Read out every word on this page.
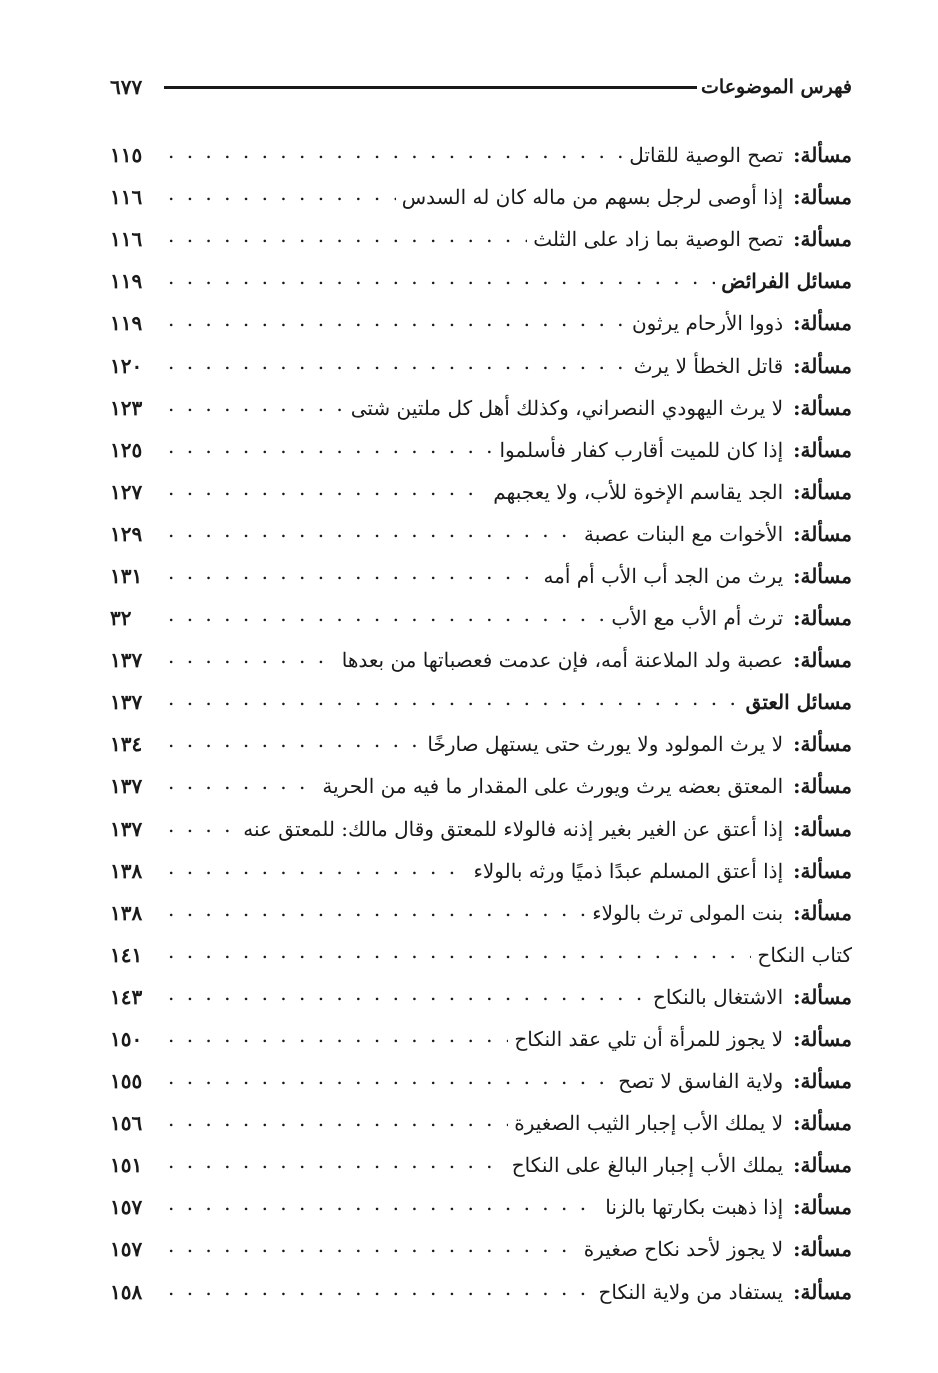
فهرس الموضوعات
٦٧٧
مسألة:
تصح الوصية للقاتل
. . .
١١٥
مسألة:
إذا أوصى لرجل بسهم من ماله كان له السدس
. . .
١١٦
مسألة:
تصح الوصية بما زاد على الثلث
. . .
١١٦
مسائل الفرائض
. . .
١١٩
مسألة:
ذووا الأرحام يرثون
. . .
١١٩
مسألة:
قاتل الخطأ لا يرث
. . .
١٢٠
مسألة:
لا يرث اليهودي النصراني، وكذلك أهل كل ملتين شتى
. . .
١٢٣
مسألة:
إذا كان للميت أقارب كفار فأسلموا
. . .
١٢٥
مسألة:
الجد يقاسم الإخوة للأب، ولا يعجبهم
. . .
١٢٧
مسألة:
الأخوات مع البنات عصبة
. . .
١٢٩
مسألة:
يرث من الجد أب الأب أم أمه
. . .
١٣١
مسألة:
ترث أم الأب مع الأب
. . .
٣٢
مسألة:
عصبة ولد الملاعنة أمه، فإن عدمت فعصباتها من بعدها
. . .
١٣٧
مسائل العتق
. . .
١٣٧
مسألة:
لا يرث المولود ولا يورث حتى يستهل صارخًا
. . .
١٣٤
مسألة:
المعتق بعضه يرث ويورث على المقدار ما فيه من الحرية
. . .
١٣٧
مسألة:
إذا أعتق عن الغير بغير إذنه فالولاء للمعتق وقال مالك: للمعتق عنه
. . .
١٣٧
مسألة:
إذا أعتق المسلم عبدًا ذميًا ورثه بالولاء
. . .
١٣٨
مسألة:
بنت المولى ترث بالولاء
. . .
١٣٨
كتاب النكاح
. . .
١٤١
مسألة:
الاشتغال بالنكاح
. . .
١٤٣
مسألة:
لا يجوز للمرأة أن تلي عقد النكاح
. . .
١٥٠
مسألة:
ولاية الفاسق لا تصح
. . .
١٥٥
مسألة:
لا يملك الأب إجبار الثيب الصغيرة
. . .
١٥٦
مسألة:
يملك الأب إجبار البالغ على النكاح
. . .
١٥١
مسألة:
إذا ذهبت بكارتها بالزنا
. . .
١٥٧
مسألة:
لا يجوز لأحد نكاح صغيرة
. . .
١٥٧
مسألة:
يستفاد من ولاية النكاح
. . .
١٥٨
